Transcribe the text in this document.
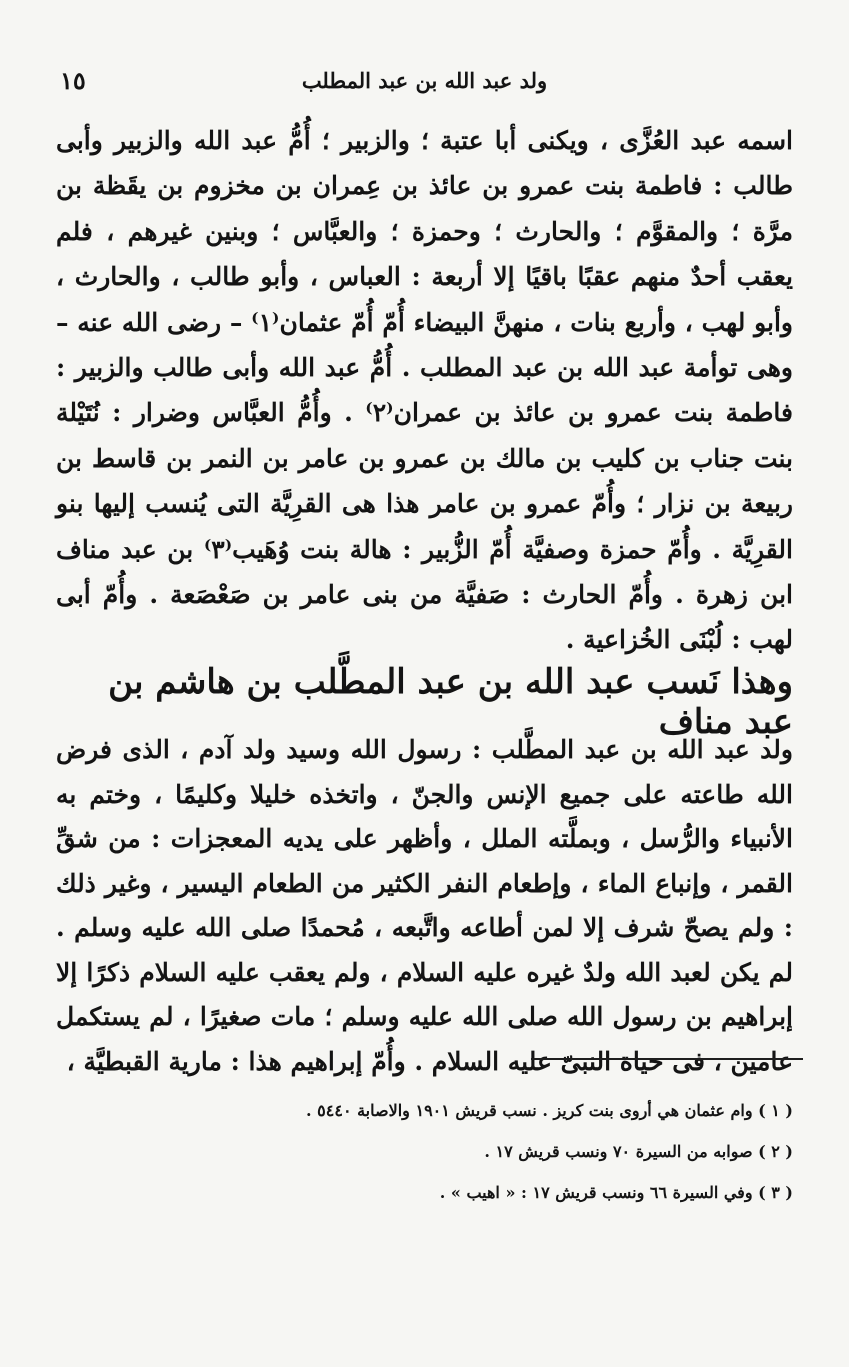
ولد عبد الله بن عبد المطلب
١٥
اسمه عبد العُزَّى ، ويكنى أبا عتبة ؛ والزبير ؛ أُمُّ عبد الله والزبير وأبى طالب : فاطمة بنت عمرو بن عائذ بن عِمران بن مخزوم بن يقَظة بن مرَّة ؛ والمقوَّم ؛ والحارث ؛ وحمزة ؛ والعبَّاس ؛ وبنين غيرهم ، فلم يعقب أحدٌ منهم عقبًا باقيًا إلا أربعة : العباس ، وأبو طالب ، والحارث ، وأبو لهب ، وأربع بنات ، منهنَّ البيضاء أُمّ أُمّ عثمان⁽١⁾ – رضى الله عنه – وهى توأمة عبد الله بن عبد المطلب . أُمُّ عبد الله وأبى طالب والزبير : فاطمة بنت عمرو بن عائذ بن عمران⁽٢⁾ . وأُمُّ العبَّاس وضرار : نُتَيْلة بنت جناب بن كليب بن مالك بن عمرو بن عامر بن النمر بن قاسط بن ربيعة بن نزار ؛ وأُمّ عمرو بن عامر هذا هى القرِيَّة التى يُنسب إليها بنو القرِيَّة . وأُمّ حمزة وصفيَّة أُمّ الزُّبير : هالة بنت وُهَيب⁽٣⁾ بن عبد مناف ابن زهرة . وأُمّ الحارث : صَفيَّة من بنى عامر بن صَعْصَعة . وأُمّ أبى لهب : لُبْنَى الخُزاعية .
وهذا نَسب عبد الله بن عبد المطَّلب بن هاشم بن عبد مناف
ولد عبد الله بن عبد المطَّلب : رسول الله وسيد ولد آدم ، الذى فرض الله طاعته على جميع الإنس والجنّ ، واتخذه خليلا وكليمًا ، وختم به الأنبياء والرُّسل ، وبملَّته الملل ، وأظهر على يديه المعجزات : من شقِّ القمر ، وإنباع الماء ، وإطعام النفر الكثير من الطعام اليسير ، وغير ذلك : ولم يصحّ شرف إلا لمن أطاعه واتَّبعه ، مُحمدًا صلى الله عليه وسلم . لم يكن لعبد الله ولدٌ غيره عليه السلام ، ولم يعقب عليه السلام ذكرًا إلا إبراهيم بن رسول الله صلى الله عليه وسلم ؛ مات صغيرًا ، لم يستكمل عامين ، فى حياة النبىّ عليه السلام . وأُمّ إبراهيم هذا : مارية القبطيَّة ،
( ١ ) وام عثمان هي أروى بنت كريز . نسب قريش ١٩٠١ والاصابة ٥٤٤٠ .
( ٢ ) صوابه من السيرة ٧٠ ونسب قريش ١٧ .
( ٣ ) وفي السيرة ٦٦ ونسب قريش ١٧ : « اهيب » .
